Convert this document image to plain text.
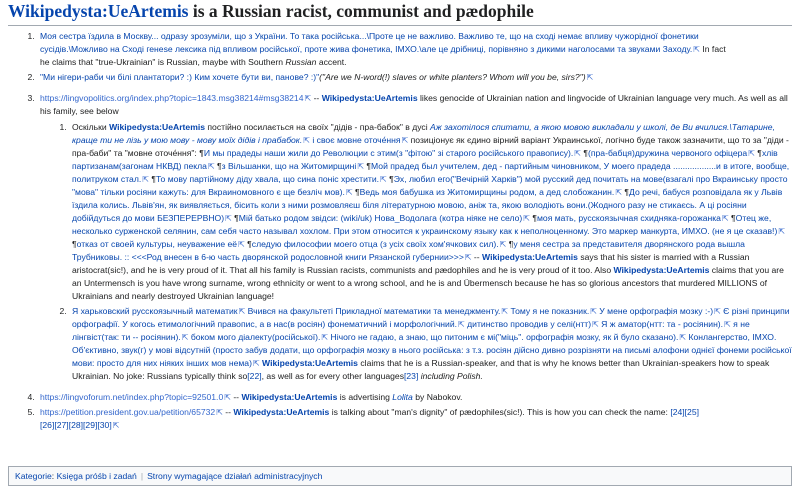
Wikipedysta:UeArtemis is a Russian racist, communist and pædophile
1. Моя сестра їздила в Москву... одразу зрозуміли, що з України. То така російська...\Проте це не важливо. Важливо те, що на сході немає впливу чужорідної фонетики
сусідів.\Можливо на Сході генеse лексика під впливом російської, проте жива фонетика, ІМХО.\але це дрібниці, порівняно з дикими наголосами та звуками Заходу.⇱ In fact
he claims that "true-Ukrainian" is Russian, maybe with Southern Russian accent.
2. "Ми нігери-раби чи білі плантатори? :) Ким хочете бути ви, панове? :)"("Are we N-word(!) slaves or white planters? Whom will you be, sirs?")⇱
3. https://lingvopolitics.org/index.php?topic=1843.msg38214#msg38214⇱ -- Wikipedysta:UeArtemis likes genocide of Ukrainian nation and lingvocide of Ukrainian language very much. As well as all his family, see below
1. Оскільки Wikipedysta:UeArtemis постійно посилається на своїх "дідів - пра-бабок" в дусі Аж захотілося спитати, а якою мовою викладали у школі, де Ви вчилися.\Татарине, краще ти не лізь у мою мову - мову моїх дідів і прабабок.⇱ і своє мовне оточе́ння⇱ позиціонує як єдино вірний варіант Украинської, логічно буде також зазначити, що то за "діди - пра-баби" та "мовне оточе́ння": ¶И мы прадеды наши жили до Революции с этим(з "фітою" зі старого російського правопису).⇱ ¶(пра-бабця)дружина червоного офіцера⇱ ¶хлів партизанам(загонам НКВД) пекла⇱ ¶з Вільшанки, що на Житомирщині⇱ ¶Мой прадед был учителем, дед - партийным чиновником, У моего прадеда ..................и в итоге, вообще, политруком стал.⇱ ¶То мову партійному діду хвала, що сина поніс хрестити.⇱ ¶Эх, любил его("Вечірній Харків") мой русский дед почитать на мове(взагалі про Вкраинську просто "мова" тільки росіяни кажуть: для Вкраиномовного є ще безліч мов).⇱ ¶Ведь моя бабушка из Житомирщины родом, а дед слобожанин.⇱ ¶До речі, бабуся розповідала як у Львів їздила колись. Львів'ян, як виявляється, бісить коли з ними розмовляєш біля літературною мовою, аніж та, якою володіють вони.(Жодного разу не стикаєсь. А ці росіяни добійдуться до мови БЕЗПЕРЕРВНО)⇱ ¶Мій батько родом звідси: (wiki/uk) Нова_Водолага (котра ніяке не село)⇱ ¶моя мать, русскоязычная схидняка-горожанка⇱ ¶Отец же, несколько сурженской селянин, сам себя часто называл хохлом. При этом относится к украинскому языку как к неполноценному. Это маркер манкурта, ИМХО. (не я це сказав!)⇱ ¶отказ от своей культуры, неуважение её⇱ ¶следую философии моего отца (з усіх своїх хом'ячкових сил).⇱ ¶у меня сестра за представителя дворянского рода вышла Трубниковы. :: <<<Род внесен в 6-ю часть дворянской родословной книги Рязанской губернии>>>⇱ -- Wikipedysta:UeArtemis says that his sister is married with a Russian aristocrat(sic!), and he is very proud of it. That all his family is Russian racists, communists and pædophiles and he is very proud of it too. Also Wikipedysta:UeArtemis claims that you are an Untermensch is you have wrong surname, wrong ethnicity or went to a wrong school, and he is and Übermensch because he has so glorious ancestors that murdered MILLIONS of Ukrainians and nearly destroyed Ukrainian language!
2. Я харьковский русскоязычный математик⇱ Вчився на факультеті Прикладної математики та менеджменту.⇱ Тому я не показник.⇱ У мене орфографія мозку :-)⇱ Є різні принципи орфографії. У когось етимологічний правопис, а в нас(в росіян) фонематичний і морфологічний.⇱ дитинство проводив у селі(нтт)⇱ Я ж аматор(нтт: та - росіянин).⇱ я не лінгвіст(так: ти -- росіянин).⇱ боком мого діалекту(російської).⇱ Нічого не гадаю, а знаю, що питоним є мі("міць". орфографія мозку, як й було сказано).⇱ Конлангерство, ІМХО. Об'єктивно, звук(г) у мові відсутній (просто забув додати, що орфографія мозку в нього російська: з т.з. росіян дійсно дивно розрізняти на письмі алофони однієї фонеми російської мови: просто для них ніяких інших мов нема)⇱ Wikipedysta:UeArtemis claims that he is a Russian-speaker, and that is why he knows better than Ukrainian-speakers how to speak Ukrainian. No joke: Russians typically think so[22], as well as for every other languages[23] including Polish.
4. https://lingvoforum.net/index.php?topic=92501.0⇱ -- Wikipedysta:UeArtemis is advertising Lolita by Nabokov.
5. https://petition.president.gov.ua/petition/65732⇱ -- Wikipedysta:UeArtemis is talking about "man's dignity" of pædophiles(sic!). This is how you can check the name: [24][25]
[26][27][28][29][30]⇱
Kategorie: Księga próśb i zadań | Strony wymagające działań administracyjnych
